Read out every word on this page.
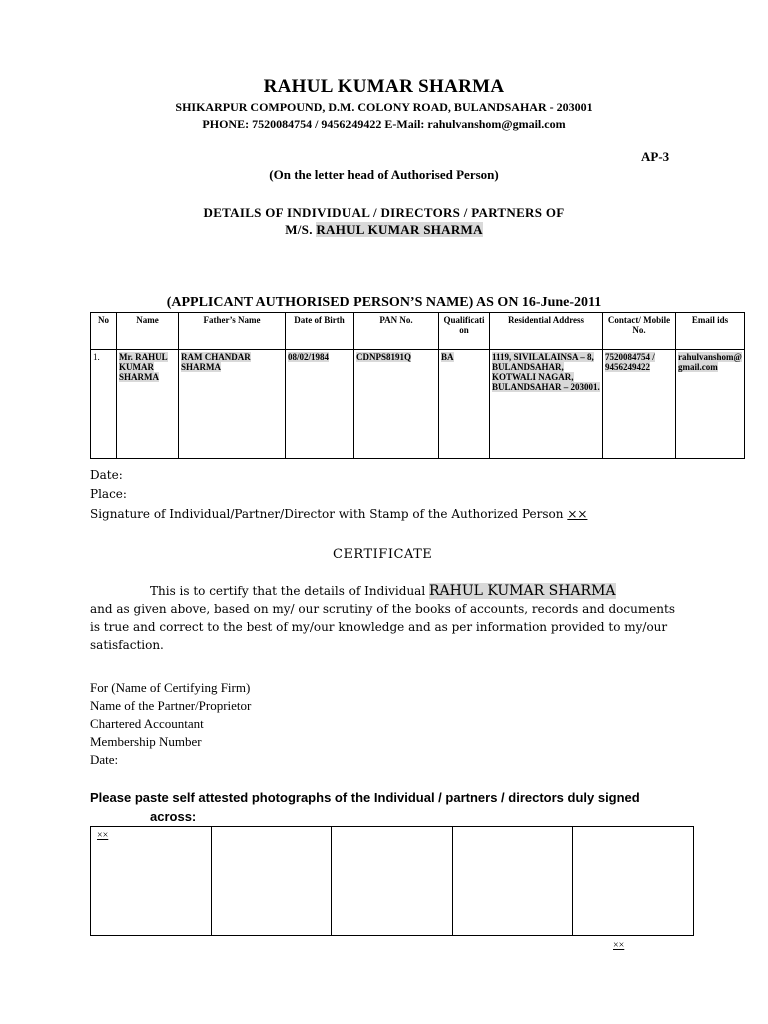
RAHUL KUMAR SHARMA
SHIKARPUR COMPOUND, D.M. COLONY ROAD, BULANDSAHAR - 203001
PHONE: 7520084754 / 9456249422 E-Mail: rahulvanshom@gmail.com
AP-3
(On the letter head of Authorised Person)
DETAILS OF INDIVIDUAL / DIRECTORS / PARTNERS OF
M/S. RAHUL KUMAR SHARMA
(APPLICANT AUTHORISED PERSON’S NAME) AS ON 16-June-2011
No	Name	Father’s Name	Date of Birth	PAN No.	Qualificati on	Residential Address	Contact/ Mobile No.	Email ids
1.	Mr. RAHUL KUMAR SHARMA	RAM CHANDAR SHARMA	08/02/1984	CDNPS8191Q	BA	1119, SIVILALAINSA – 8, BULANDSAHAR, KOTWALI NAGAR, BULANDSAHAR – 203001.	7520084754 / 9456249422	rahulvanshom@ gmail.com
Date:
Place:
Signature of Individual/Partner/Director with Stamp of the Authorized Person ××
CERTIFICATE
This is to certify that the details of Individual RAHUL KUMAR SHARMA
and as given above, based on my/ our scrutiny of the books of accounts, records and documents
is true and correct to the best of my/our knowledge and as per information provided to my/our
satisfaction.
For (Name of Certifying Firm)
Name of the Partner/Proprietor
Chartered Accountant
Membership Number
Date:
Please paste self attested photographs of the Individual / partners / directors duly signed
across:
××				
××
